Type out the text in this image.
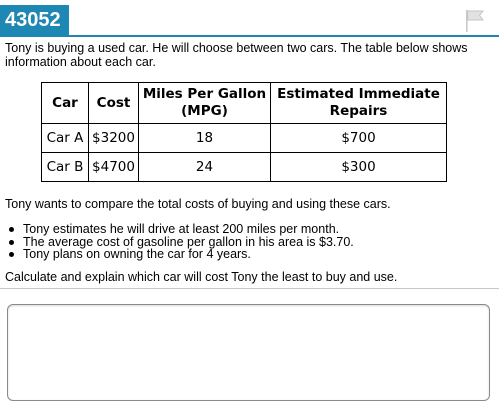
43052

Tony is buying a used car. He will choose between two cars. The table below shows information about each car.

Car	Cost	Miles Per Gallon (MPG)	Estimated Immediate Repairs
Car A	$3200	18	$700
Car B	$4700	24	$300

Tony wants to compare the total costs of buying and using these cars.

Tony estimates he will drive at least 200 miles per month.
The average cost of gasoline per gallon in his area is $3.70.
Tony plans on owning the car for 4 years.

Calculate and explain which car will cost Tony the least to buy and use.
